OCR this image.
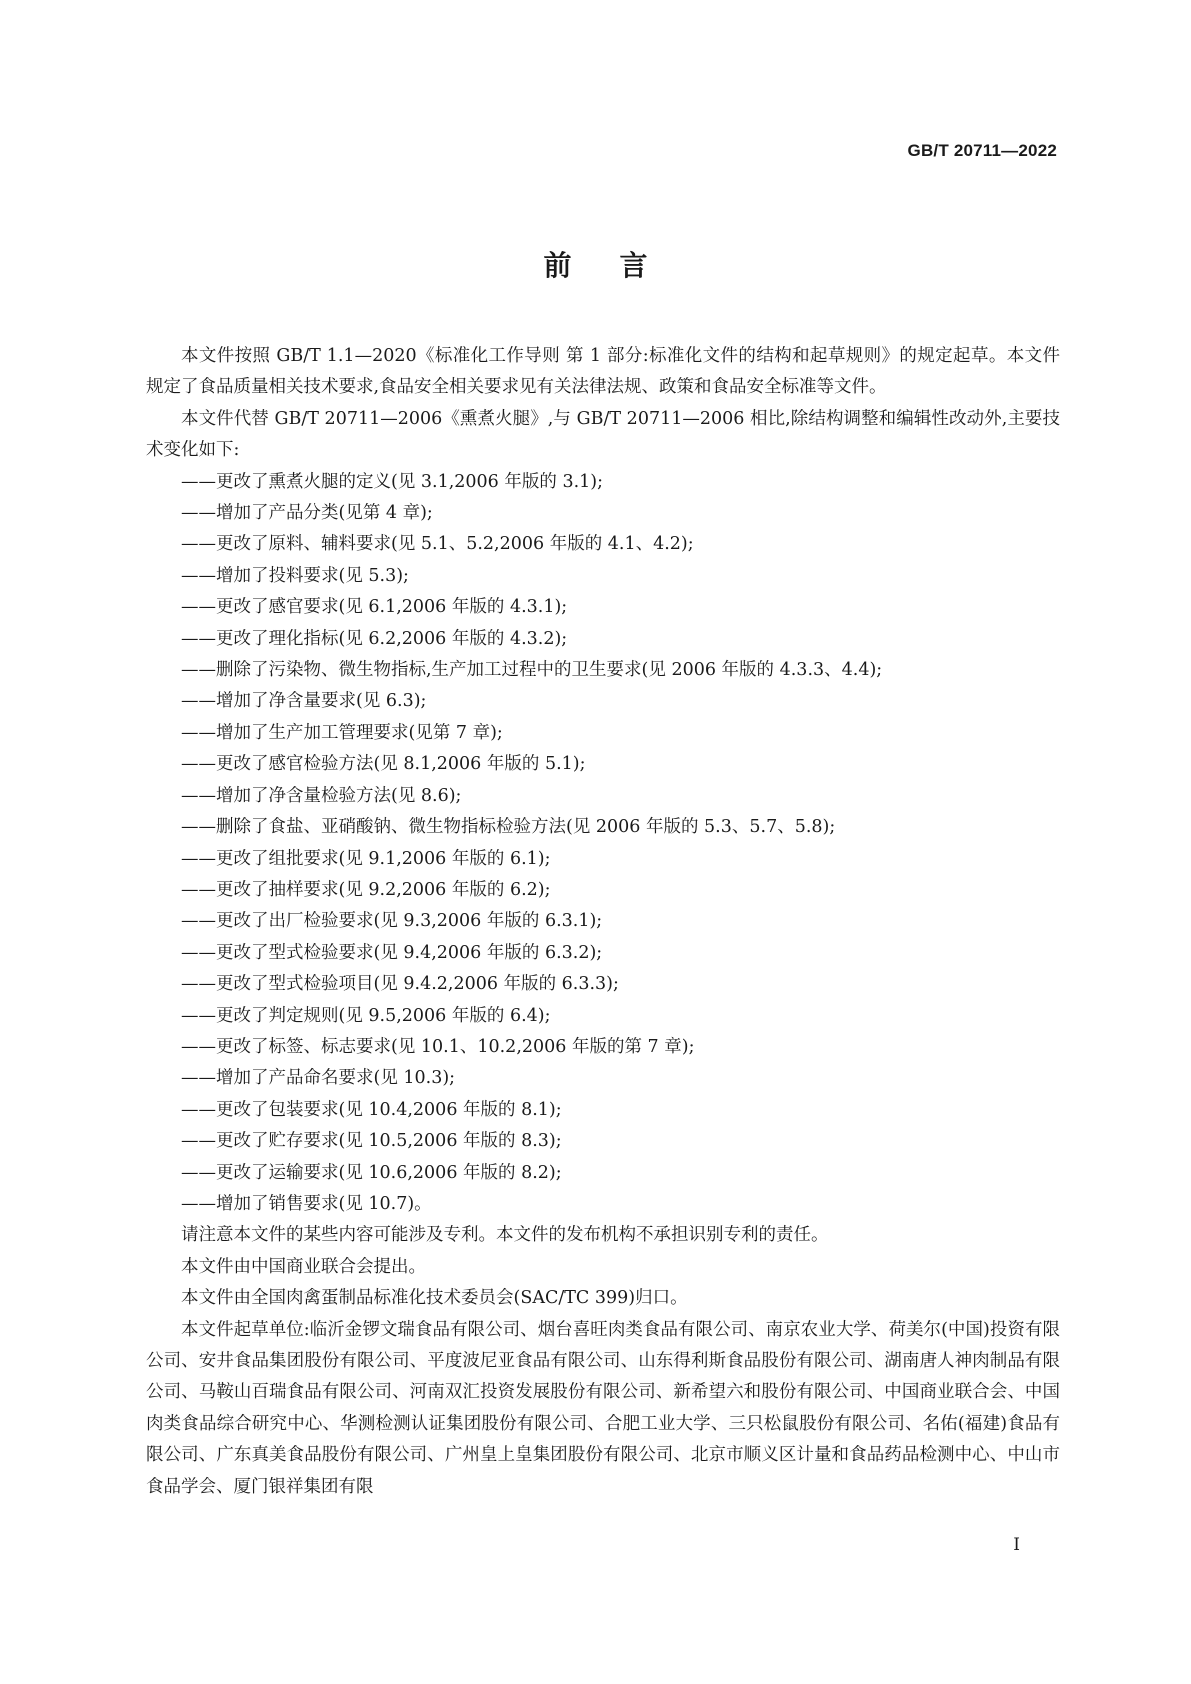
GB/T 20711—2022
前言

本文件按照 GB/T 1.1—2020《标准化工作导则 第 1 部分:标准化文件的结构和起草规则》的规定起草。本文件规定了食品质量相关技术要求,食品安全相关要求见有关法律法规、政策和食品安全标准等文件。

本文件代替 GB/T 20711—2006《熏煮火腿》,与 GB/T 20711—2006 相比,除结构调整和编辑性改动外,主要技术变化如下:

——更改了熏煮火腿的定义(见 3.1,2006 年版的 3.1);
——增加了产品分类(见第 4 章);
——更改了原料、辅料要求(见 5.1、5.2,2006 年版的 4.1、4.2);
——增加了投料要求(见 5.3);
——更改了感官要求(见 6.1,2006 年版的 4.3.1);
——更改了理化指标(见 6.2,2006 年版的 4.3.2);
——删除了污染物、微生物指标,生产加工过程中的卫生要求(见 2006 年版的 4.3.3、4.4);
——增加了净含量要求(见 6.3);
——增加了生产加工管理要求(见第 7 章);
——更改了感官检验方法(见 8.1,2006 年版的 5.1);
——增加了净含量检验方法(见 8.6);
——删除了食盐、亚硝酸钠、微生物指标检验方法(见 2006 年版的 5.3、5.7、5.8);
——更改了组批要求(见 9.1,2006 年版的 6.1);
——更改了抽样要求(见 9.2,2006 年版的 6.2);
——更改了出厂检验要求(见 9.3,2006 年版的 6.3.1);
——更改了型式检验要求(见 9.4,2006 年版的 6.3.2);
——更改了型式检验项目(见 9.4.2,2006 年版的 6.3.3);
——更改了判定规则(见 9.5,2006 年版的 6.4);
——更改了标签、标志要求(见 10.1、10.2,2006 年版的第 7 章);
——增加了产品命名要求(见 10.3);
——更改了包装要求(见 10.4,2006 年版的 8.1);
——更改了贮存要求(见 10.5,2006 年版的 8.3);
——更改了运输要求(见 10.6,2006 年版的 8.2);
——增加了销售要求(见 10.7)。

请注意本文件的某些内容可能涉及专利。本文件的发布机构不承担识别专利的责任。

本文件由中国商业联合会提出。

本文件由全国肉禽蛋制品标准化技术委员会(SAC/TC 399)归口。

本文件起草单位:临沂金锣文瑞食品有限公司、烟台喜旺肉类食品有限公司、南京农业大学、荷美尔(中国)投资有限公司、安井食品集团股份有限公司、平度波尼亚食品有限公司、山东得利斯食品股份有限公司、湖南唐人神肉制品有限公司、马鞍山百瑞食品有限公司、河南双汇投资发展股份有限公司、新希望六和股份有限公司、中国商业联合会、中国肉类食品综合研究中心、华测检测认证集团股份有限公司、合肥工业大学、三只松鼠股份有限公司、名佑(福建)食品有限公司、广东真美食品股份有限公司、广州皇上皇集团股份有限公司、北京市顺义区计量和食品药品检测中心、中山市食品学会、厦门银祥集团有限

I
